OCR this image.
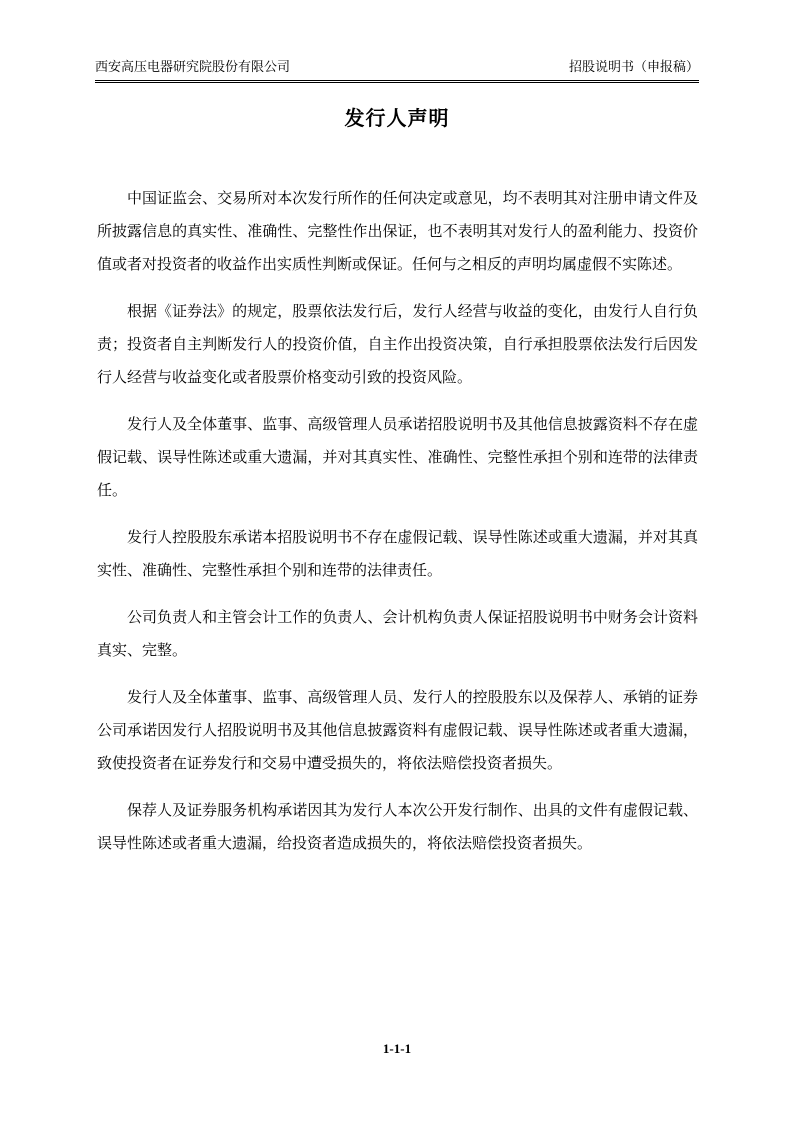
西安高压电器研究院股份有限公司	招股说明书（申报稿）
发行人声明

中国证监会、交易所对本次发行所作的任何决定或意见，均不表明其对注册申请文件及所披露信息的真实性、准确性、完整性作出保证，也不表明其对发行人的盈利能力、投资价值或者对投资者的收益作出实质性判断或保证。任何与之相反的声明均属虚假不实陈述。

根据《证券法》的规定，股票依法发行后，发行人经营与收益的变化，由发行人自行负责；投资者自主判断发行人的投资价值，自主作出投资决策，自行承担股票依法发行后因发行人经营与收益变化或者股票价格变动引致的投资风险。

发行人及全体董事、监事、高级管理人员承诺招股说明书及其他信息披露资料不存在虚假记载、误导性陈述或重大遗漏，并对其真实性、准确性、完整性承担个别和连带的法律责任。

发行人控股股东承诺本招股说明书不存在虚假记载、误导性陈述或重大遗漏，并对其真实性、准确性、完整性承担个别和连带的法律责任。

公司负责人和主管会计工作的负责人、会计机构负责人保证招股说明书中财务会计资料真实、完整。

发行人及全体董事、监事、高级管理人员、发行人的控股股东以及保荐人、承销的证券公司承诺因发行人招股说明书及其他信息披露资料有虚假记载、误导性陈述或者重大遗漏，致使投资者在证券发行和交易中遭受损失的，将依法赔偿投资者损失。

保荐人及证券服务机构承诺因其为发行人本次公开发行制作、出具的文件有虚假记载、误导性陈述或者重大遗漏，给投资者造成损失的，将依法赔偿投资者损失。

1-1-1
